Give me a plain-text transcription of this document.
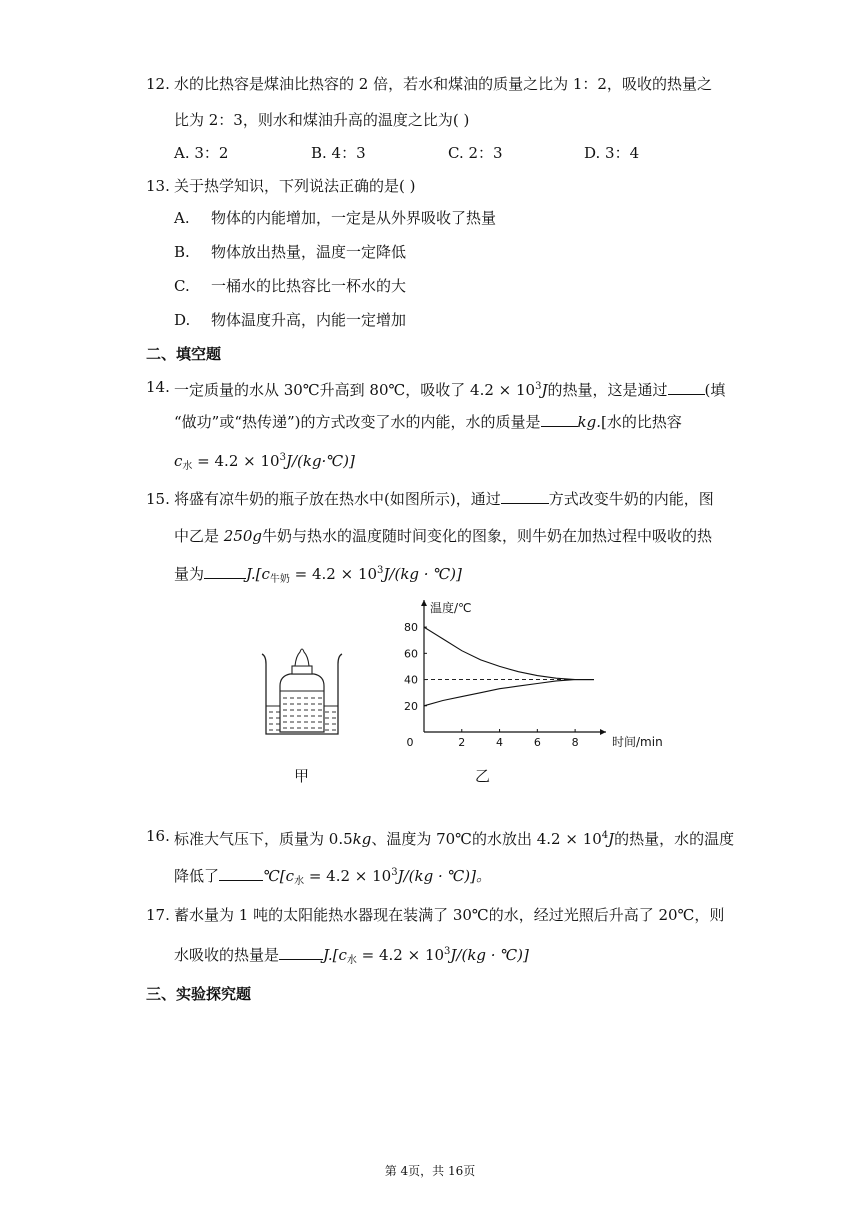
12. 水的比热容是煤油比热容的 2 倍，若水和煤油的质量之比为 1：2，吸收的热量之
比为 2：3，则水和煤油升高的温度之比为( )
A. 3：2	B. 4：3	C. 2：3	D. 3：4
13. 关于热学知识，下列说法正确的是( )
A. 物体的内能增加，一定是从外界吸收了热量
B. 物体放出热量，温度一定降低
C. 一桶水的比热容比一杯水的大
D. 物体温度升高，内能一定增加
二、填空题
14. 一定质量的水从 30℃升高到 80℃，吸收了 $4.2 \times 10^3J$的热量，这是通过 (填
“做功”或“热传递”)的方式改变了水的内能，水的质量是 kg.[水的比热容
$c_水 = 4.2$ × $10^3J/(kg\cdot℃)$]
15. 将盛有凉牛奶的瓶子放在热水中(如图所示)，通过	方式改变牛奶的内能，图
中乙是 250g牛奶与热水的温度随时间变化的图象，则牛奶在加热过程中吸收的热
量为	$J.[c_{牛奶} = 4.2 \times 10^3J/(kg$ · ℃)]
0	2	4	6	8
20
40
60
80
温度/℃
时间/min
甲	乙
16. 标准大气压下，质量为 0.5kg、温度为 70℃的水放出 $4.2 \times 10^4J$的热量，水的温度
降低了	$℃[c_水 = 4.2 \times 10^3J/(kg$ · ℃)]。
17. 蓄水量为 1 吨的太阳能热水器现在装满了 30℃的水，经过光照后升高了 20℃，则
水吸收的热量是	$J.[c_水 = 4.2 \times 10^3J/(kg$ · ℃)]
三、实验探究题
第 4页，共 16页
